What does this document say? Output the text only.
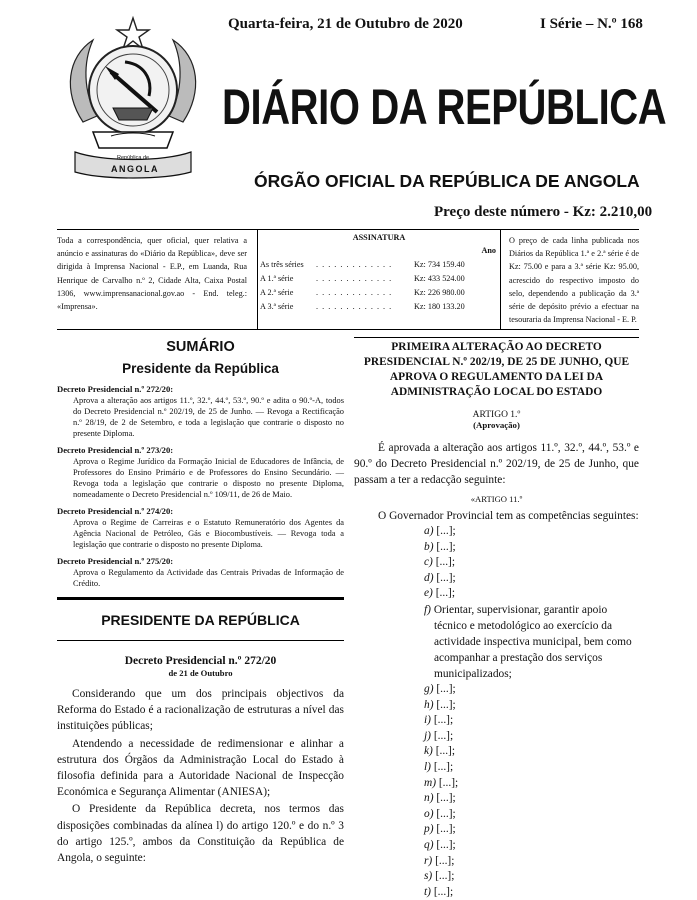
Quarta-feira, 21 de Outubro de 2020	I Série – N.º 168
República de
ANGOLA
DIÁRIO DA REPÚBLICA
ÓRGÃO OFICIAL DA REPÚBLICA DE ANGOLA
Preço deste número - Kz: 2.210,00
Toda a correspondência, quer oficial, quer relativa a anúncio e assinaturas do «Diário da República», deve ser dirigida à Imprensa Nacional - E.P., em Luanda, Rua Henrique de Carvalho n.º 2, Cidade Alta, Caixa Postal 1306, www.imprensanacional.gov.ao - End. teleg.: «Imprensa».
ASSINATURA
Ano
As três séries	. . . . . . . . . . . . .	Kz: 734 159.40
A 1.ª série	. . . . . . . . . . . . .	Kz: 433 524.00
A 2.ª série	. . . . . . . . . . . . .	Kz: 226 980.00
A 3.ª série	. . . . . . . . . . . . .	Kz: 180 133.20
O preço de cada linha publicada nos Diários da República 1.ª e 2.ª série é de Kz: 75.00 e para a 3.ª série Kz: 95.00, acrescido do respectivo imposto do selo, dependendo a publicação da 3.ª série de depósito prévio a efectuar na tesouraria da Imprensa Nacional - E. P.
SUMÁRIO
Presidente da República
Decreto Presidencial n.º 272/20:
Aprova a alteração aos artigos 11.º, 32.º, 44.º, 53.º, 90.º e adita o 90.º-A, todos do Decreto Presidencial n.º 202/19, de 25 de Junho. — Revoga a Rectificação n.º 28/19, de 2 de Setembro, e toda a legislação que contrarie o disposto no presente Diploma.
Decreto Presidencial n.º 273/20:
Aprova o Regime Jurídico da Formação Inicial de Educadores de Infância, de Professores do Ensino Primário e de Professores do Ensino Secundário. — Revoga toda a legislação que contrarie o disposto no presente Diploma, nomeadamente o Decreto Presidencial n.º 109/11, de 26 de Maio.
Decreto Presidencial n.º 274/20:
Aprova o Regime de Carreiras e o Estatuto Remuneratório dos Agentes da Agência Nacional de Petróleo, Gás e Biocombustíveis. — Revoga toda a legislação que contrarie o disposto no presente Diploma.
Decreto Presidencial n.º 275/20:
Aprova o Regulamento da Actividade das Centrais Privadas de Informação de Crédito.
PRESIDENTE DA REPÚBLICA
Decreto Presidencial n.º 272/20
de 21 de Outubro

Considerando que um dos principais objectivos da Reforma do Estado é a racionalização de estruturas a nível das instituições públicas;

Atendendo a necessidade de redimensionar e alinhar a estrutura dos Órgãos da Administração Local do Estado à filosofia definida para a Autoridade Nacional de Inspecção Económica e Segurança Alimentar (ANIESA);

O Presidente da República decreta, nos termos das disposições combinadas da alínea l) do artigo 120.º e do n.º 3 do artigo 125.º, ambos da Constituição da República de Angola, o seguinte:

PRIMEIRA ALTERAÇÃO AO DECRETO PRESIDENCIAL N.º 202/19, DE 25 DE JUNHO, QUE APROVA O REGULAMENTO DA LEI DA ADMINISTRAÇÃO LOCAL DO ESTADO
ARTIGO 1.º
(Aprovação)
É aprovada a alteração aos artigos 11.º, 32.º, 44.º, 53.º e 90.º do Decreto Presidencial n.º 202/19, de 25 de Junho, que passam a ter a redacção seguinte:
«ARTIGO 11.º
O Governador Provincial tem as competências seguintes:
a) [...];
b) [...];
c) [...];
d) [...];
e) [...];
f) Orientar, supervisionar, garantir apoio técnico e metodológico ao exercício da actividade inspectiva municipal, bem como acompanhar a prestação dos serviços municipalizados;
g) [...];
h) [...];
i) [...];
j) [...];
k) [...];
l) [...];
m) [...];
n) [...];
o) [...];
p) [...];
q) [...];
r) [...];
s) [...];
t) [...];
